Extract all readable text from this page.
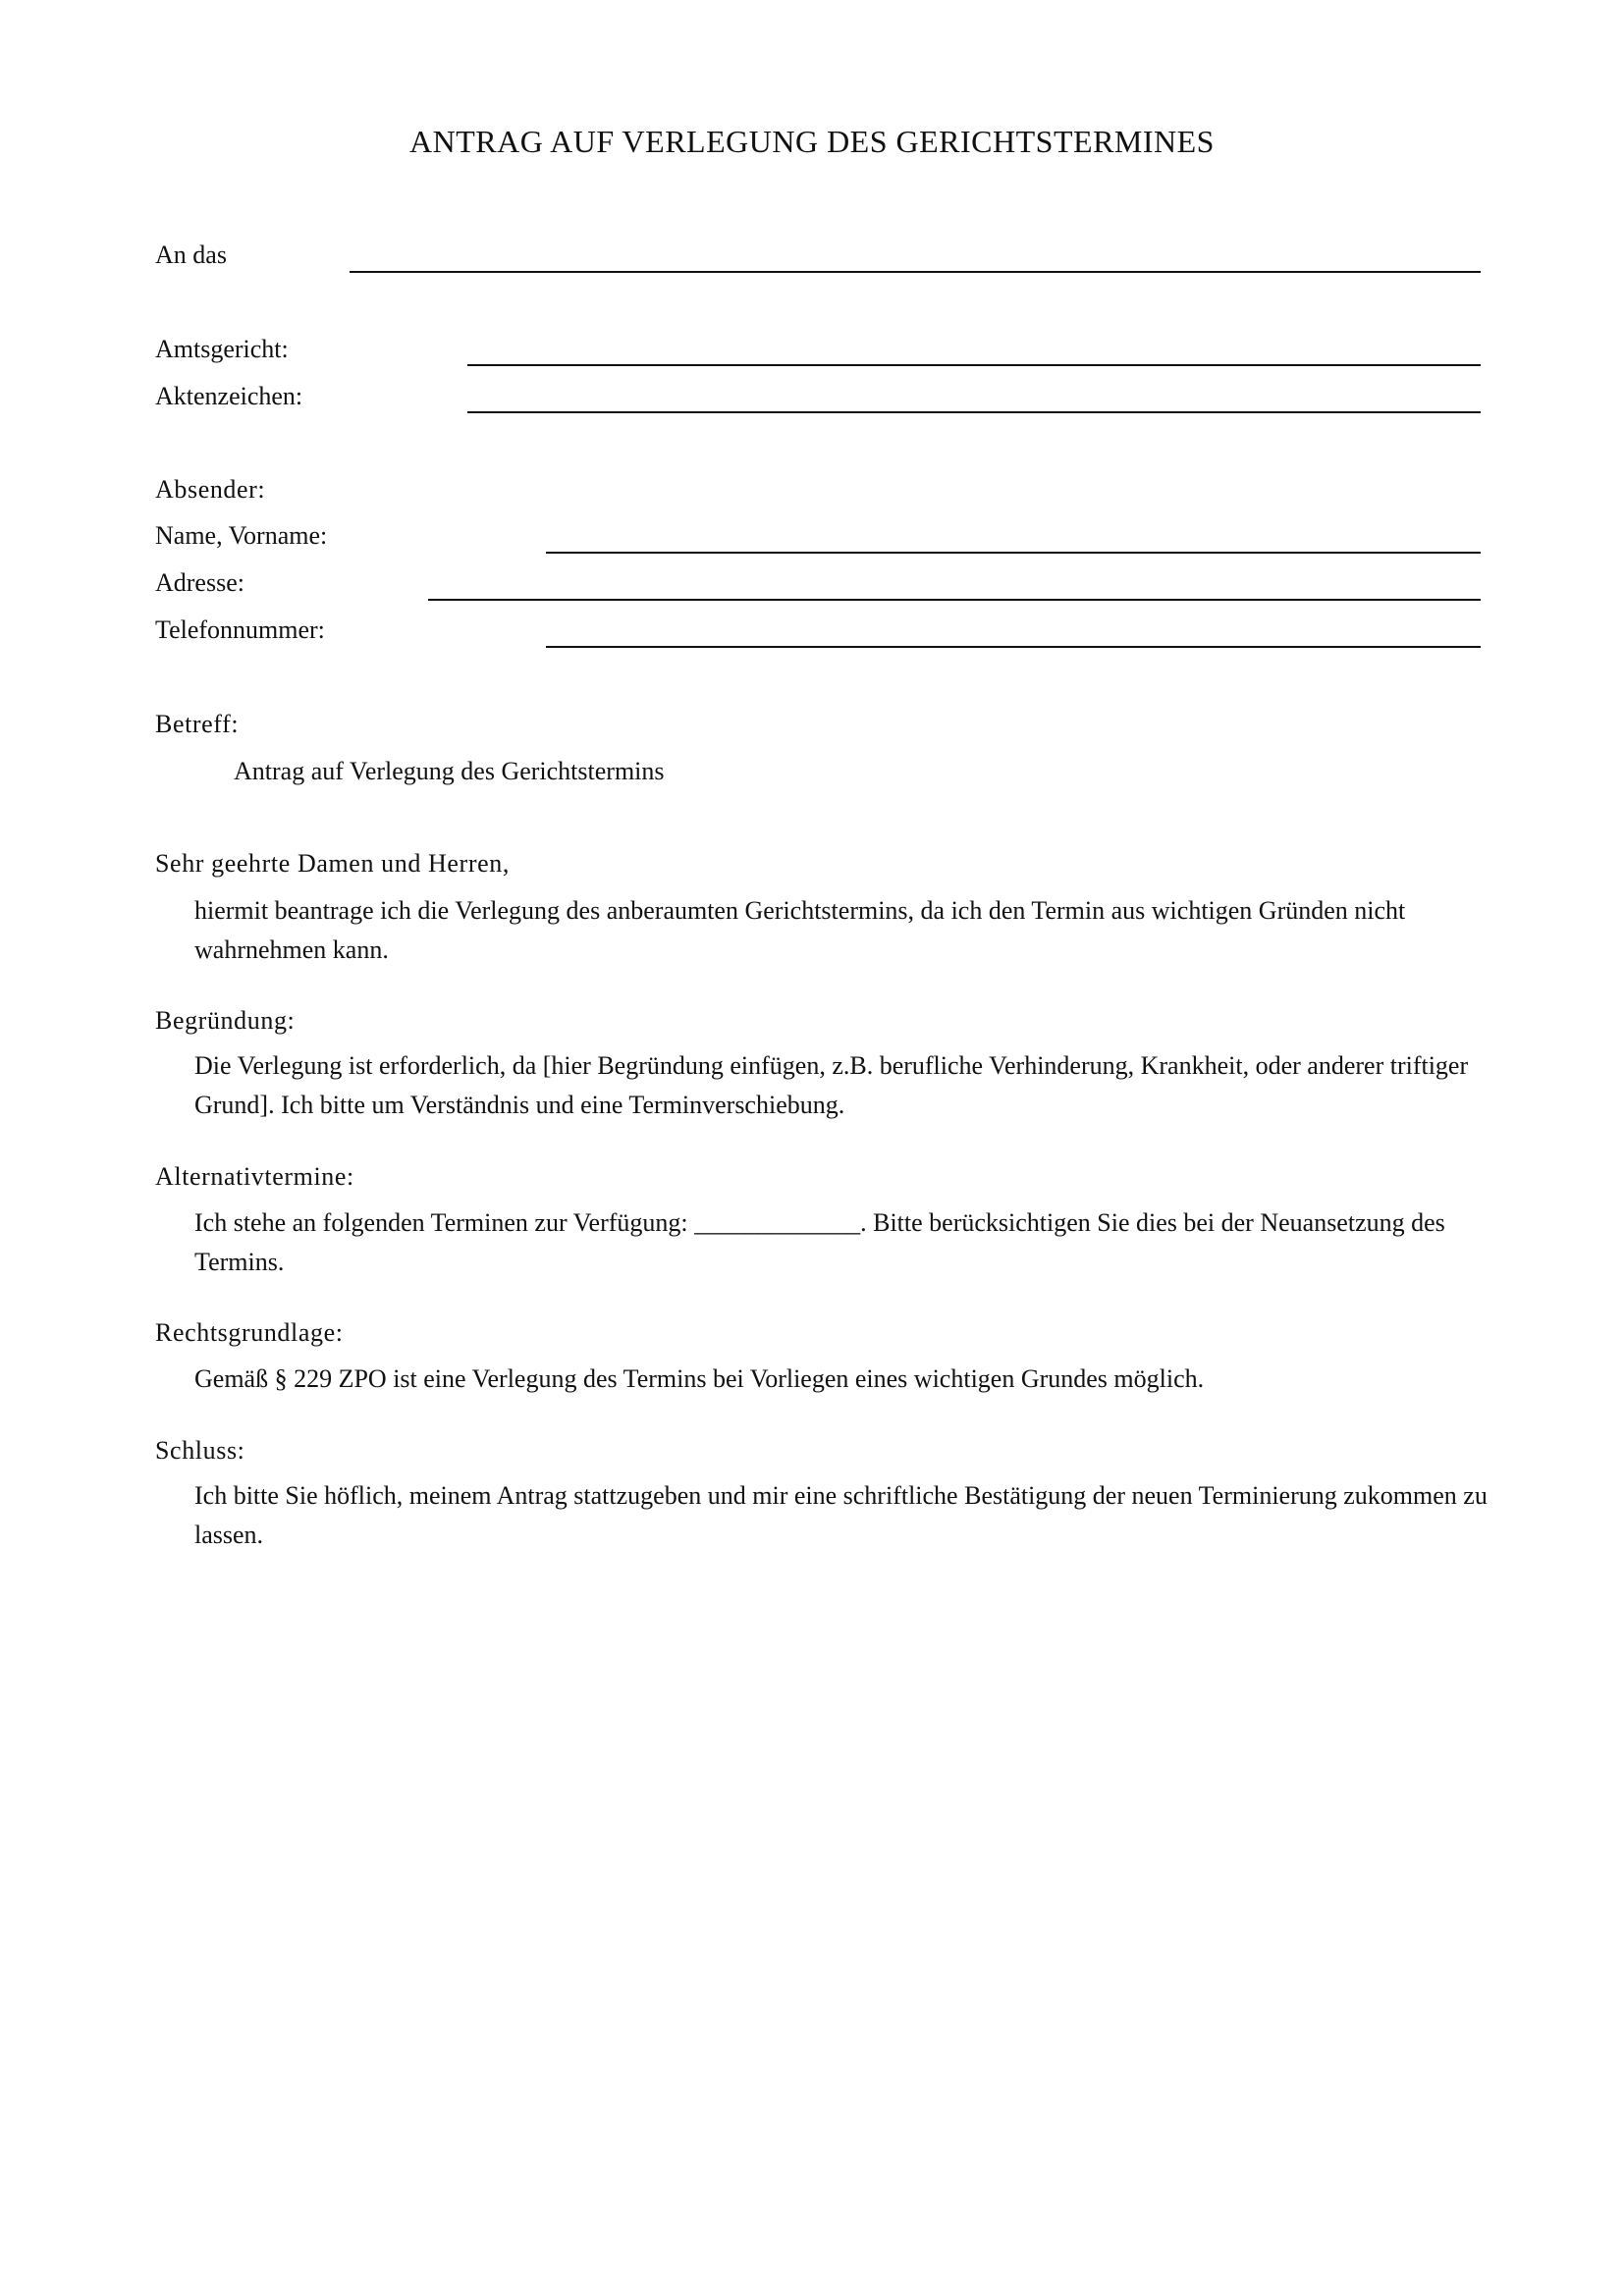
ANTRAG AUF VERLEGUNG DES GERICHTSTERMINES
An das
Amtsgericht:
Aktenzeichen:
Absender:
Name, Vorname:
Adresse:
Telefonnummer:
Betreff:
Antrag auf Verlegung des Gerichtstermins
Sehr geehrte Damen und Herren,
hiermit beantrage ich die Verlegung des anberaumten Gerichtstermins, da ich den Termin aus wichtigen Gründen nicht wahrnehmen kann.
Begründung:
Die Verlegung ist erforderlich, da [hier Begründung einfügen, z.B. berufliche Verhinderung, Krankheit, oder anderer triftiger Grund]. Ich bitte um Verständnis und eine Terminverschiebung.
Alternativtermine:
Ich stehe an folgenden Terminen zur Verfügung: _____________. Bitte berücksichtigen Sie dies bei der Neuansetzung des Termins.
Rechtsgrundlage:
Gemäß § 229 ZPO ist eine Verlegung des Termins bei Vorliegen eines wichtigen Grundes möglich.
Schluss:
Ich bitte Sie höflich, meinem Antrag stattzugeben und mir eine schriftliche Bestätigung der neuen Terminierung zukommen zu lassen.
